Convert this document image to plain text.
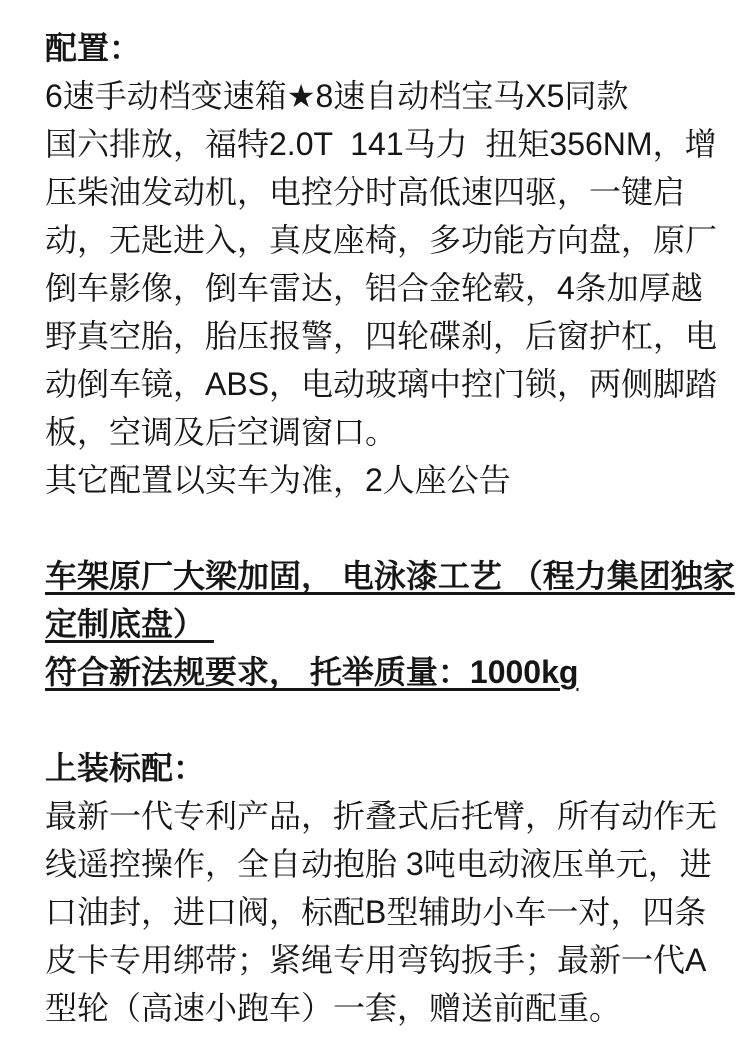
配置：
6速手动档变速箱★8速自动档宝马X5同款
国六排放，福特2.0T  141马力  扭矩356NM，增
压柴油发动机，电控分时高低速四驱，一键启
动，无匙进入，真皮座椅，多功能方向盘，原厂
倒车影像，倒车雷达，铝合金轮毂，4条加厚越
野真空胎，胎压报警，四轮碟刹，后窗护杠，电
动倒车镜，ABS，电动玻璃中控门锁，两侧脚踏
板，空调及后空调窗口。
其它配置以实车为准，2人座公告
车架原厂大梁加固， 电泳漆工艺 （程力集团独家
定制底盘）
符合新法规要求， 托举质量：1000kg
上装标配：
最新一代专利产品，折叠式后托臂，所有动作无
线遥控操作，全自动抱胎 3吨电动液压单元，进
口油封，进口阀，标配B型辅助小车一对，四条
皮卡专用绑带；紧绳专用弯钩扳手；最新一代A
型轮（高速小跑车）一套，赠送前配重。
